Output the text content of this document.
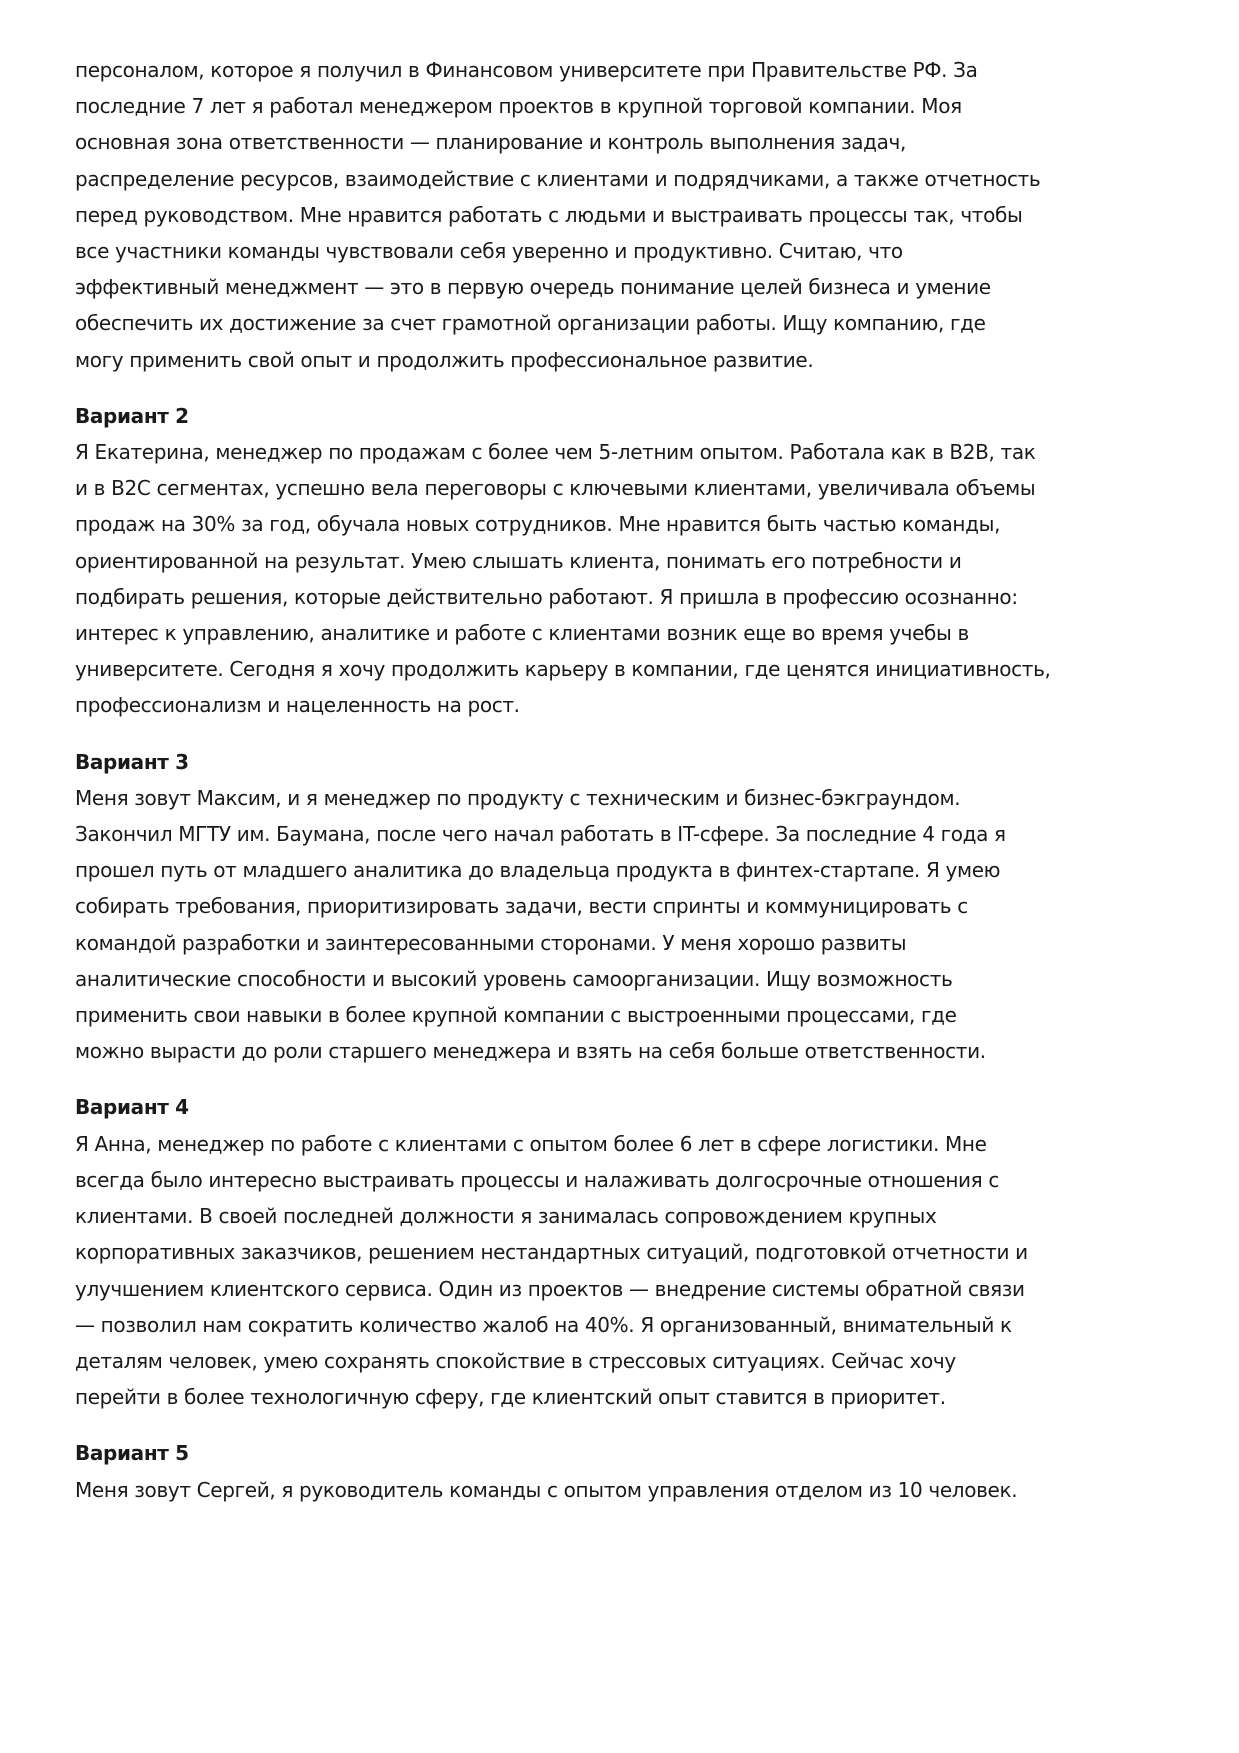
персоналом, которое я получил в Финансовом университете при Правительстве РФ. За
последние 7 лет я работал менеджером проектов в крупной торговой компании. Моя
основная зона ответственности — планирование и контроль выполнения задач,
распределение ресурсов, взаимодействие с клиентами и подрядчиками, а также отчетность
перед руководством. Мне нравится работать с людьми и выстраивать процессы так, чтобы
все участники команды чувствовали себя уверенно и продуктивно. Считаю, что
эффективный менеджмент — это в первую очередь понимание целей бизнеса и умение
обеспечить их достижение за счет грамотной организации работы. Ищу компанию, где
могу применить свой опыт и продолжить профессиональное развитие.

Вариант 2

Я Екатерина, менеджер по продажам с более чем 5-летним опытом. Работала как в B2B, так
и в B2C сегментах, успешно вела переговоры с ключевыми клиентами, увеличивала объемы
продаж на 30% за год, обучала новых сотрудников. Мне нравится быть частью команды,
ориентированной на результат. Умею слышать клиента, понимать его потребности и
подбирать решения, которые действительно работают. Я пришла в профессию осознанно:
интерес к управлению, аналитике и работе с клиентами возник еще во время учебы в
университете. Сегодня я хочу продолжить карьеру в компании, где ценятся инициативность,
профессионализм и нацеленность на рост.

Вариант 3

Меня зовут Максим, и я менеджер по продукту с техническим и бизнес-бэкграундом.
Закончил МГТУ им. Баумана, после чего начал работать в IT-сфере. За последние 4 года я
прошел путь от младшего аналитика до владельца продукта в финтех-стартапе. Я умею
собирать требования, приоритизировать задачи, вести спринты и коммуницировать с
командой разработки и заинтересованными сторонами. У меня хорошо развиты
аналитические способности и высокий уровень самоорганизации. Ищу возможность
применить свои навыки в более крупной компании с выстроенными процессами, где
можно вырасти до роли старшего менеджера и взять на себя больше ответственности.

Вариант 4

Я Анна, менеджер по работе с клиентами с опытом более 6 лет в сфере логистики. Мне
всегда было интересно выстраивать процессы и налаживать долгосрочные отношения с
клиентами. В своей последней должности я занималась сопровождением крупных
корпоративных заказчиков, решением нестандартных ситуаций, подготовкой отчетности и
улучшением клиентского сервиса. Один из проектов — внедрение системы обратной связи
— позволил нам сократить количество жалоб на 40%. Я организованный, внимательный к
деталям человек, умею сохранять спокойствие в стрессовых ситуациях. Сейчас хочу
перейти в более технологичную сферу, где клиентский опыт ставится в приоритет.

Вариант 5

Меня зовут Сергей, я руководитель команды с опытом управления отделом из 10 человек.
